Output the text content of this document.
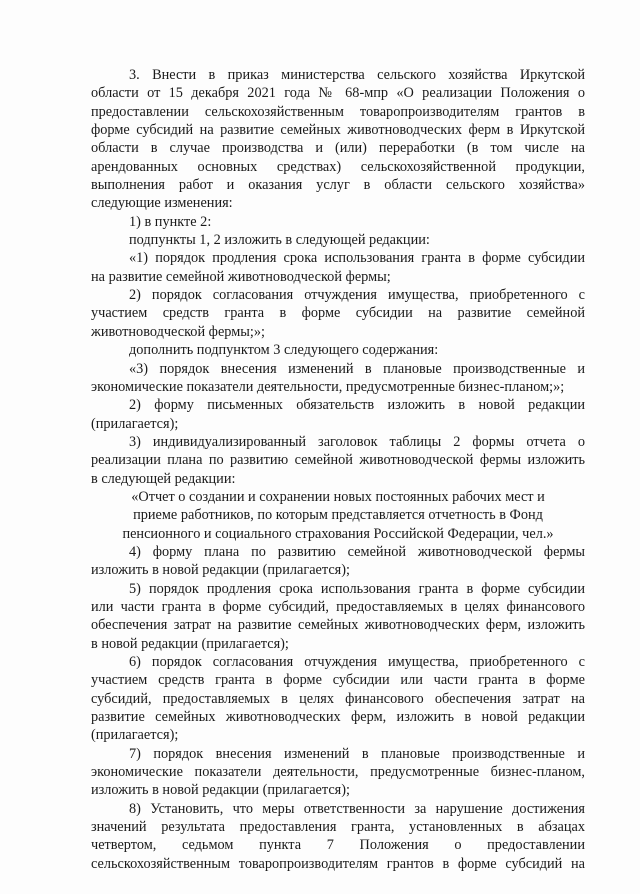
3. Внести в приказ министерства сельского хозяйства Иркутской

области от 15 декабря 2021 года № 68-мпр «О реализации Положения о

предоставлении сельскохозяйственным товаропроизводителям грантов в

форме субсидий на развитие семейных животноводческих ферм в Иркутской

области в случае производства и (или) переработки (в том числе на

арендованных основных средствах) сельскохозяйственной продукции,

выполнения работ и оказания услуг в области сельского хозяйства»

следующие изменения:

1) в пункте 2:

подпункты 1, 2 изложить в следующей редакции:

«1) порядок продления срока использования гранта в форме субсидии

на развитие семейной животноводческой фермы;

2) порядок согласования отчуждения имущества, приобретенного с

участием средств гранта в форме субсидии на развитие семейной

животноводческой фермы;»;

дополнить подпунктом 3 следующего содержания:

«3) порядок внесения изменений в плановые производственные и

экономические показатели деятельности, предусмотренные бизнес-планом;»;

2) форму письменных обязательств изложить в новой редакции

(прилагается);

3) индивидуализированный заголовок таблицы 2 формы отчета о

реализации плана по развитию семейной животноводческой фермы изложить

в следующей редакции:

«Отчет о создании и сохранении новых постоянных рабочих мест и

приеме работников, по которым представляется отчетность в Фонд

пенсионного и социального страхования Российской Федерации, чел.»

4) форму плана по развитию семейной животноводческой фермы

изложить в новой редакции (прилагается);

5) порядок продления срока использования гранта в форме субсидии

или части гранта в форме субсидий, предоставляемых в целях финансового

обеспечения затрат на развитие семейных животноводческих ферм, изложить

в новой редакции (прилагается);

6) порядок согласования отчуждения имущества, приобретенного с

участием средств гранта в форме субсидии или части гранта в форме

субсидий, предоставляемых в целях финансового обеспечения затрат на

развитие семейных животноводческих ферм, изложить в новой редакции

(прилагается);

7) порядок внесения изменений в плановые производственные и

экономические показатели деятельности, предусмотренные бизнес-планом,

изложить в новой редакции (прилагается);

8) Установить, что меры ответственности за нарушение достижения

значений результата предоставления гранта, установленных в абзацах

четвертом, седьмом пункта 7 Положения о предоставлении

сельскохозяйственным товаропроизводителям грантов в форме субсидий на
